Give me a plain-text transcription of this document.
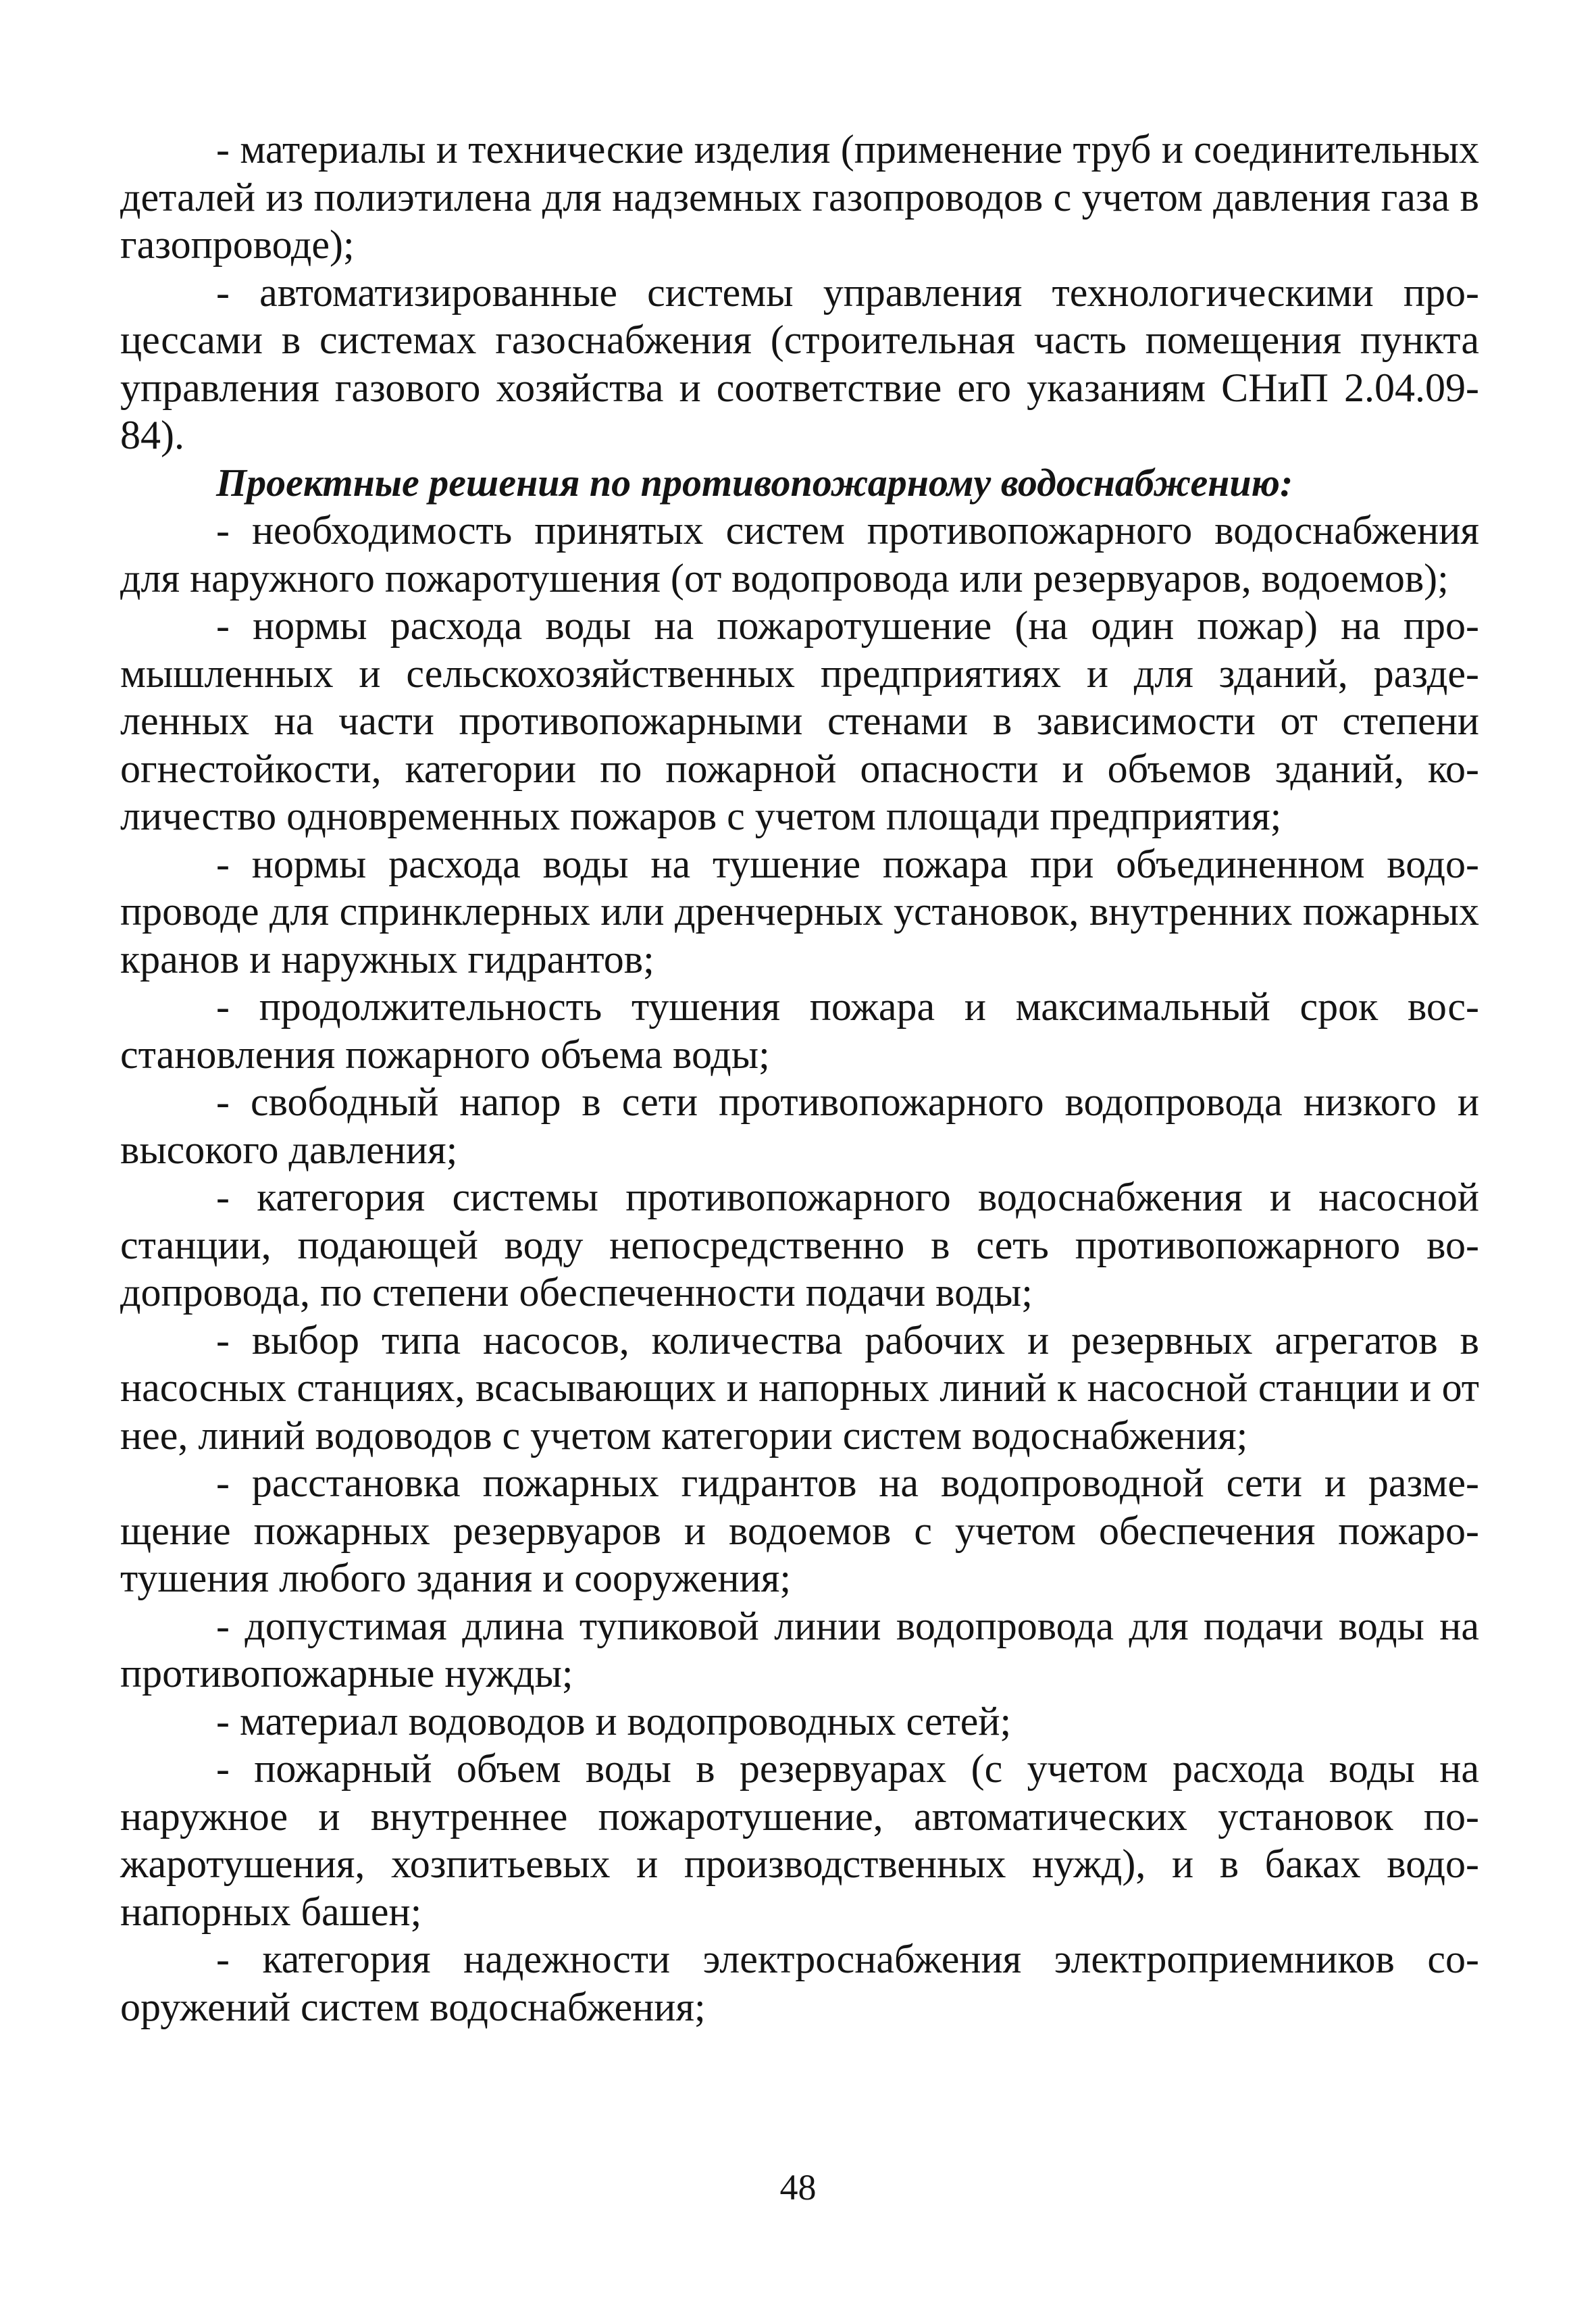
- материалы и технические изделия (применение труб и соединительных деталей из полиэтилена для надземных газопроводов с учетом давления газа в газопроводе);

- автоматизированные системы управления технологическими процессами в системах газоснабжения (строительная часть помещения пункта управления газового хозяйства и соответствие его указаниям СНиП 2.04.09-84).

Проектные решения по противопожарному водоснабжению:

- необходимость принятых систем противопожарного водоснабжения для наружного пожаротушения (от водопровода или резервуаров, водоемов);

- нормы расхода воды на пожаротушение (на один пожар) на промышленных и сельскохозяйственных предприятиях и для зданий, разделенных на части противопожарными стенами в зависимости от степени огнестойкости, категории по пожарной опасности и объемов зданий, количество одновременных пожаров с учетом площади предприятия;

- нормы расхода воды на тушение пожара при объединенном водопроводе для спринклерных или дренчерных установок, внутренних пожарных кранов и наружных гидрантов;

- продолжительность тушения пожара и максимальный срок восстановления пожарного объема воды;

- свободный напор в сети противопожарного водопровода низкого и высокого давления;

- категория системы противопожарного водоснабжения и насосной станции, подающей воду непосредственно в сеть противопожарного водопровода, по степени обеспеченности подачи воды;

- выбор типа насосов, количества рабочих и резервных агрегатов в насосных станциях, всасывающих и напорных линий к насосной станции и от нее, линий водоводов с учетом категории систем водоснабжения;

- расстановка пожарных гидрантов на водопроводной сети и размещение пожарных резервуаров и водоемов с учетом обеспечения пожаротушения любого здания и сооружения;

- допустимая длина тупиковой линии водопровода для подачи воды на противопожарные нужды;

- материал водоводов и водопроводных сетей;

- пожарный объем воды в резервуарах (с учетом расхода воды на наружное и внутреннее пожаротушение, автоматических установок пожаротушения, хозпитьевых и производственных нужд), и в баках водонапорных башен;

- категория надежности электроснабжения электроприемников сооружений систем водоснабжения;

48
